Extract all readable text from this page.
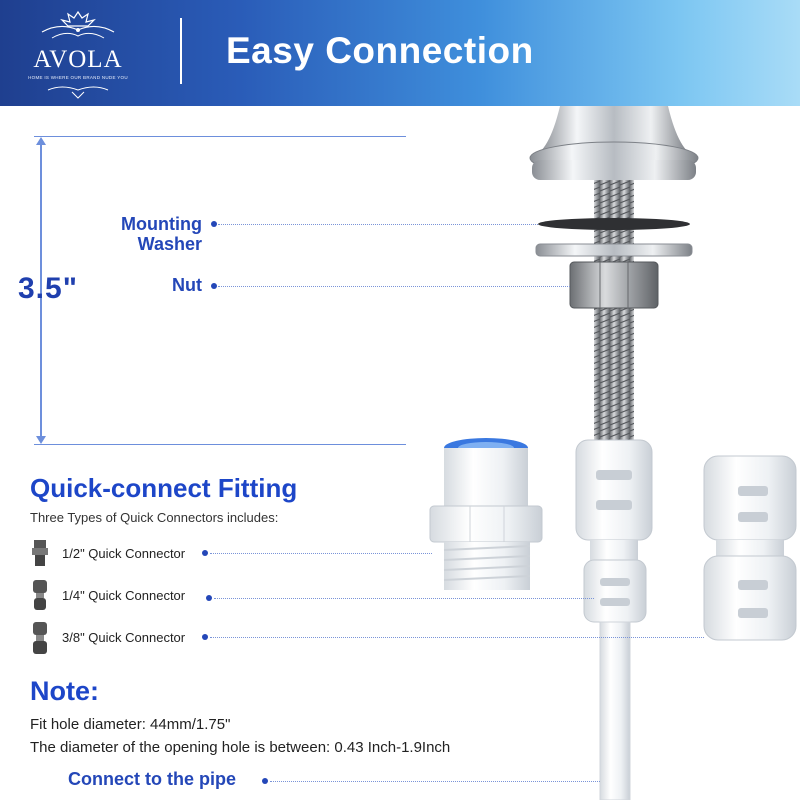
AVOLA
HOME IS WHERE OUR BRAND NUDE YOU
Easy Connection
3.5"
Mounting
Washer
Nut
Quick-connect Fitting
Three Types of Quick Connectors includes:
1/2" Quick Connector
1/4" Quick Connector
3/8" Quick Connector
Note:
Fit hole diameter: 44mm/1.75"
The diameter of the opening hole is between: 0.43 Inch-1.9Inch
Connect to the pipe
